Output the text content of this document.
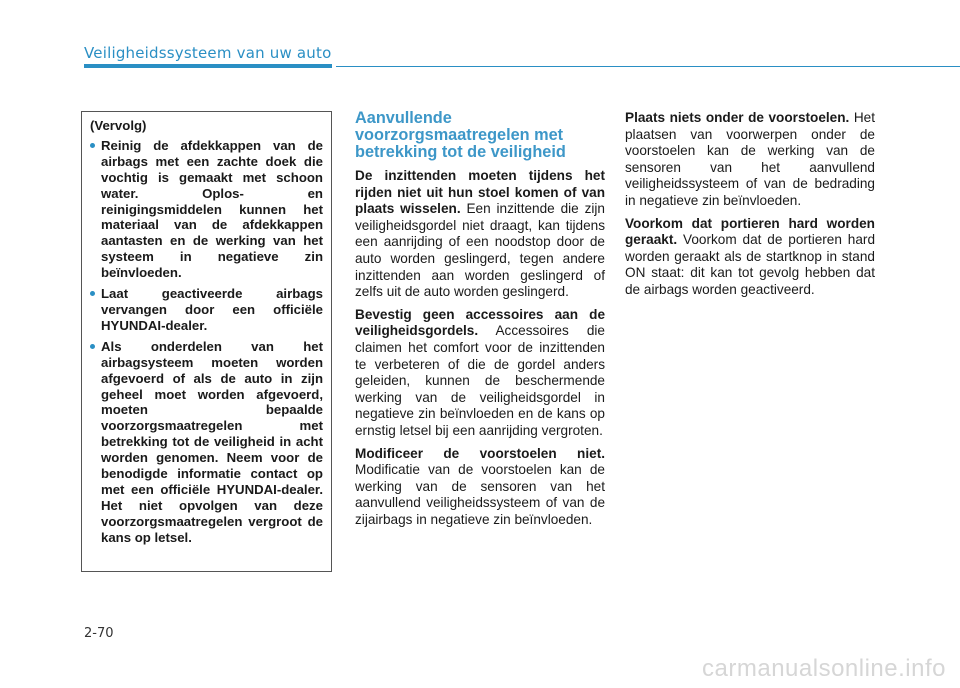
Veiligheidssysteem van uw auto
(Vervolg)
Reinig de afdekkappen van de airbags met een zachte doek die vochtig is gemaakt met schoon water. Oplos- en reinigingsmiddelen kunnen het materiaal van de afdekkappen aantasten en de werking van het systeem in negatieve zin beïnvloeden.
Laat geactiveerde airbags vervangen door een officiële HYUNDAI-dealer.
Als onderdelen van het airbagsysteem moeten worden afgevoerd of als de auto in zijn geheel moet worden afgevoerd, moeten bepaalde voorzorgsmaatregelen met betrekking tot de veiligheid in acht worden genomen. Neem voor de benodigde informatie contact op met een officiële HYUNDAI-dealer. Het niet opvolgen van deze voorzorgsmaatregelen vergroot de kans op letsel.
Aanvullende voorzorgsmaatregelen met betrekking tot de veiligheid

De inzittenden moeten tijdens het rijden niet uit hun stoel komen of van plaats wisselen. Een inzittende die zijn veiligheidsgordel niet draagt, kan tijdens een aanrijding of een noodstop door de auto worden geslingerd, tegen andere inzittenden aan worden geslingerd of zelfs uit de auto worden geslingerd.

Bevestig geen accessoires aan de veiligheidsgordels. Accessoires die claimen het comfort voor de inzittenden te verbeteren of die de gordel anders geleiden, kunnen de beschermende werking van de veiligheidsgordel in negatieve zin beïnvloeden en de kans op ernstig letsel bij een aanrijding vergroten.

Modificeer de voorstoelen niet. Modificatie van de voorstoelen kan de werking van de sensoren van het aanvullend veiligheidssysteem of van de zijairbags in negatieve zin beïnvloeden.

Plaats niets onder de voorstoelen. Het plaatsen van voorwerpen onder de voorstoelen kan de werking van de sensoren van het aanvullend veiligheidssysteem of van de bedrading in negatieve zin beïnvloeden.

Voorkom dat portieren hard worden geraakt. Voorkom dat de portieren hard worden geraakt als de startknop in stand ON staat: dit kan tot gevolg hebben dat de airbags worden geactiveerd.

2-70
carmanualsonline.info
